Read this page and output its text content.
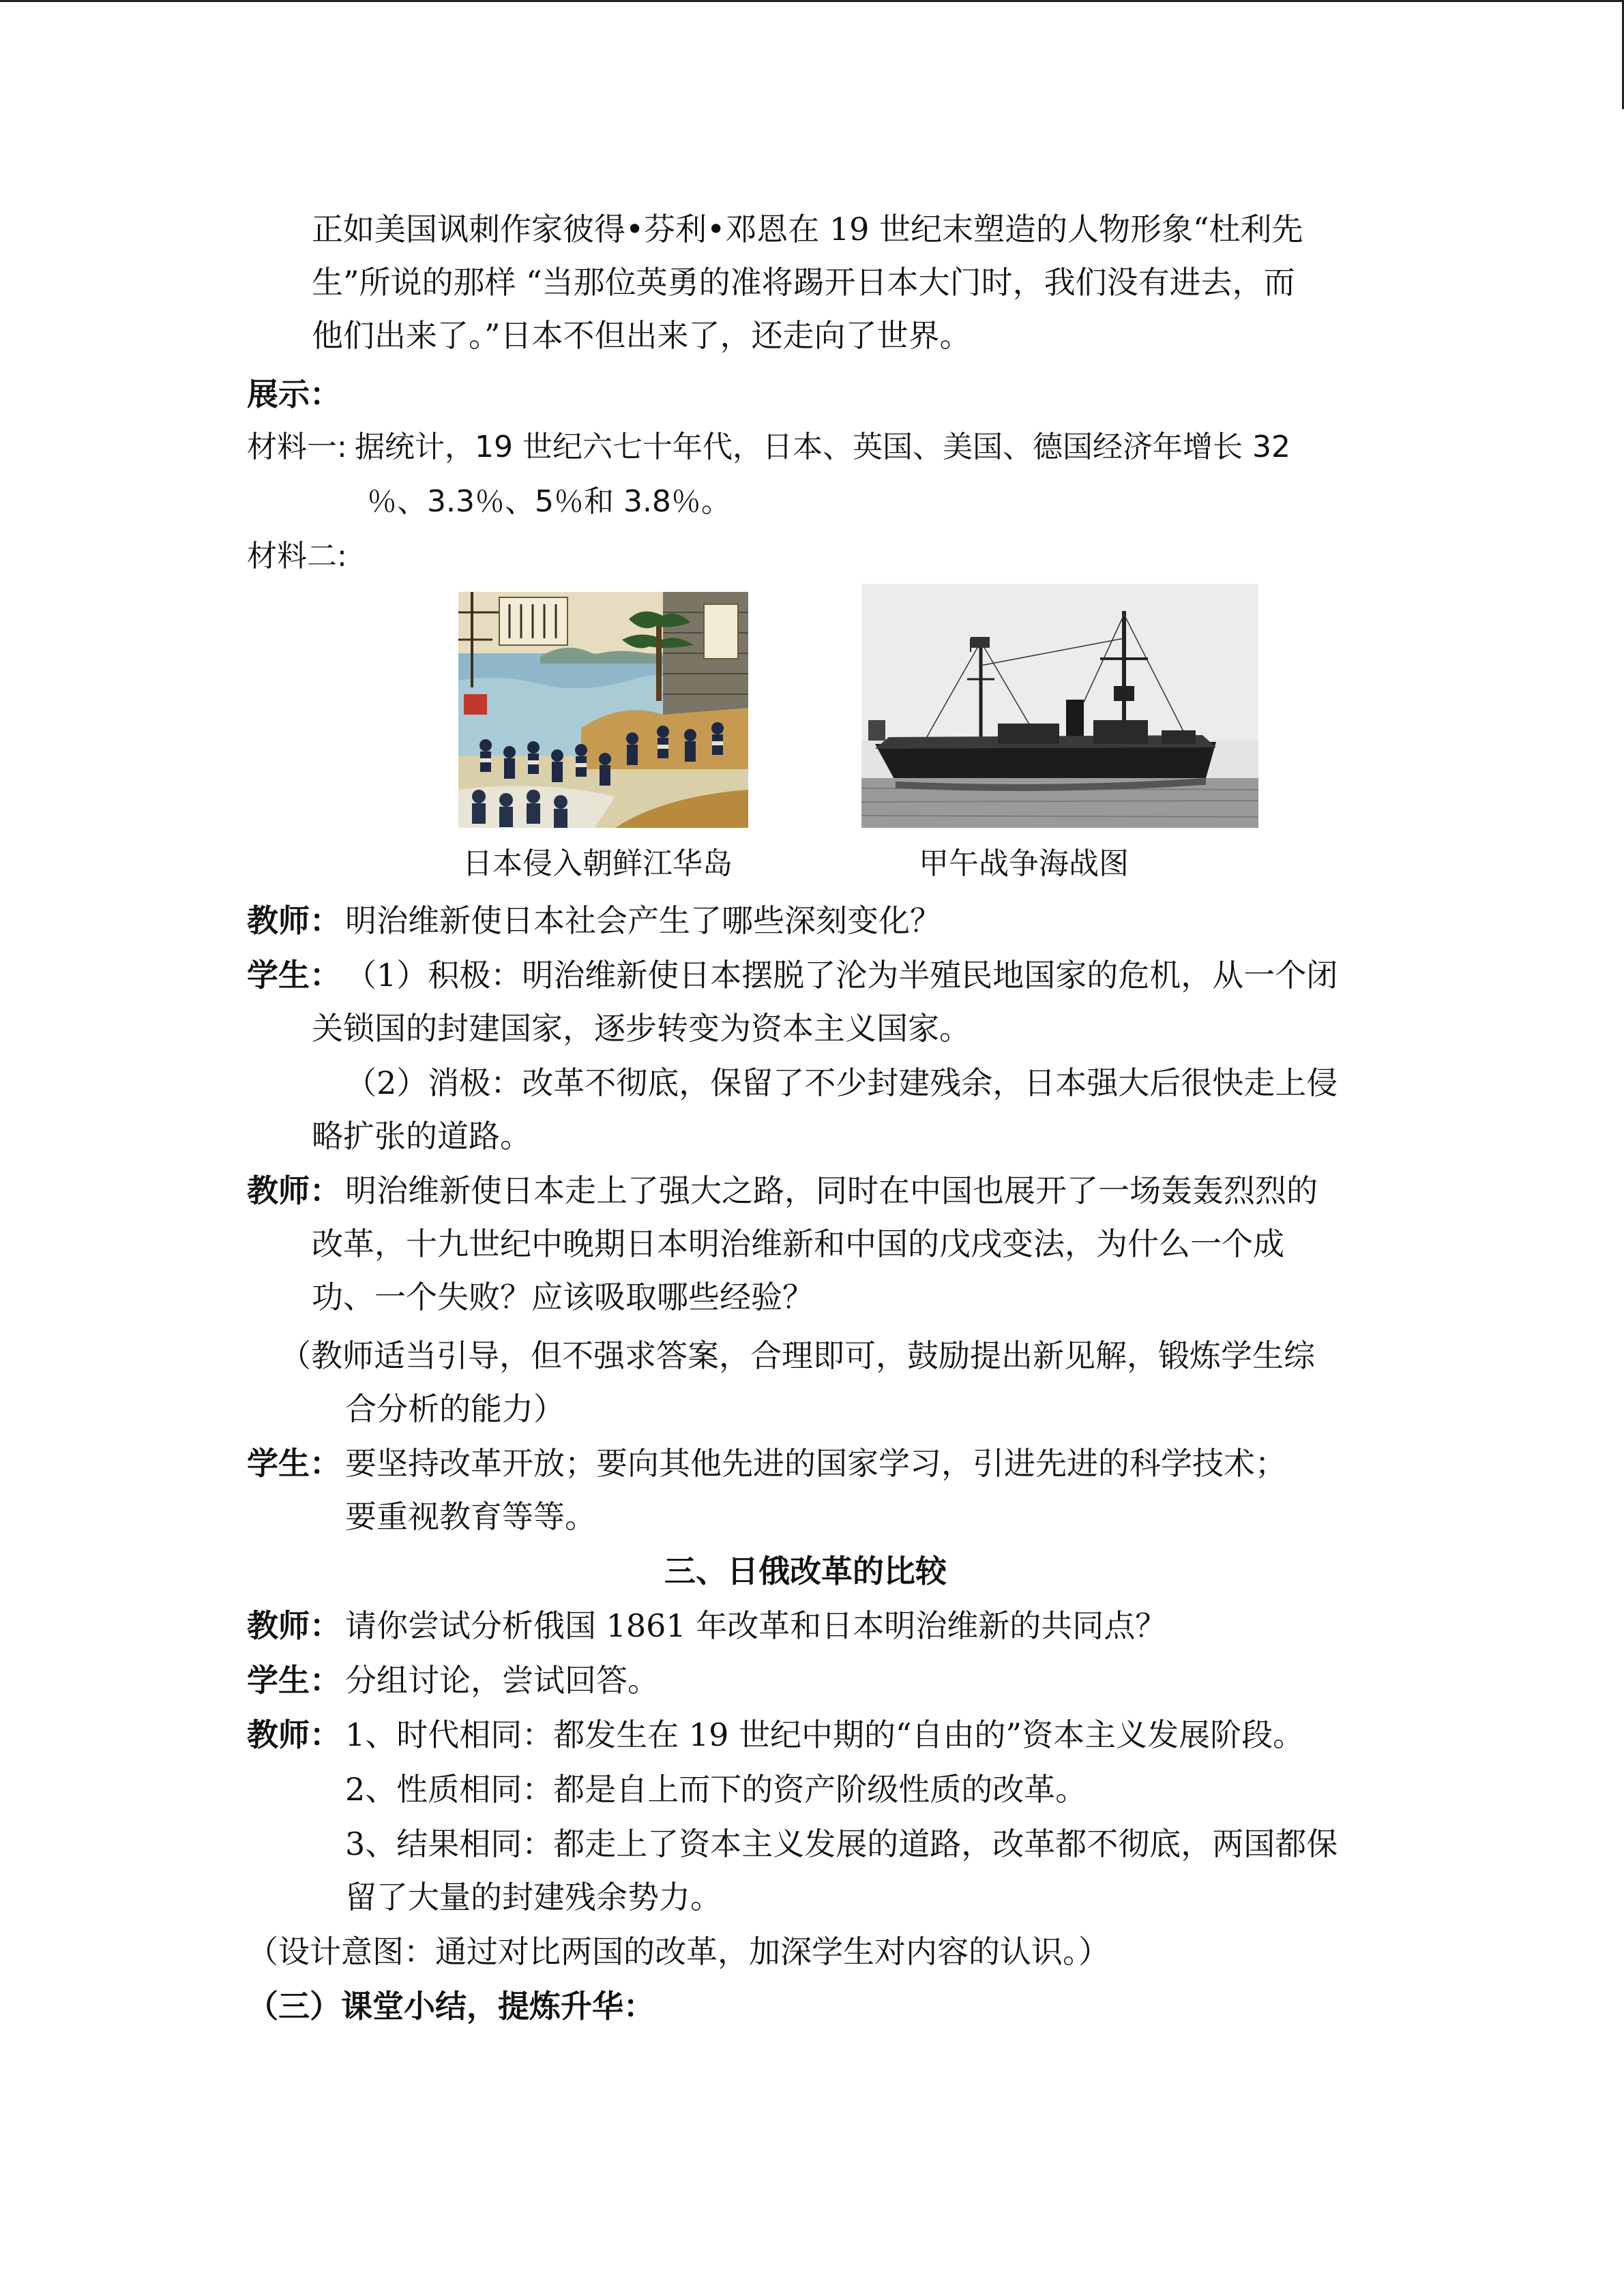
正如美国讽刺作家彼得•芬利•邓恩在 19 世纪末塑造的人物形象“杜利先
生”所说的那样 “当那位英勇的准将踢开日本大门时，我们没有进去，而
他们出来了。”日本不但出来了，还走向了世界。
展示：
材料一: 据统计，19 世纪六七十年代，日本、英国、美国、德国经济年增长 32
％、3.3％、5％和 3.8％。
材料二:
日本侵入朝鲜江华岛	甲午战争海战图
教师： 明治维新使日本社会产生了哪些深刻变化？
学生： （1）积极：明治维新使日本摆脱了沦为半殖民地国家的危机，从一个闭
关锁国的封建国家，逐步转变为资本主义国家。
（2）消极：改革不彻底，保留了不少封建残余，日本强大后很快走上侵
略扩张的道路。
教师： 明治维新使日本走上了强大之路，同时在中国也展开了一场轰轰烈烈的
改革，十九世纪中晚期日本明治维新和中国的戊戌变法，为什么一个成
功、一个失败？应该吸取哪些经验？
（教师适当引导，但不强求答案，合理即可，鼓励提出新见解，锻炼学生综
合分析的能力）
学生： 要坚持改革开放；要向其他先进的国家学习，引进先进的科学技术；
要重视教育等等。
三、日俄改革的比较
教师： 请你尝试分析俄国 1861 年改革和日本明治维新的共同点？
学生： 分组讨论，尝试回答。
教师： 1、时代相同：都发生在 19 世纪中期的“自由的”资本主义发展阶段。
2、性质相同：都是自上而下的资产阶级性质的改革。
3、结果相同：都走上了资本主义发展的道路，改革都不彻底，两国都保
留了大量的封建残余势力。
（设计意图：通过对比两国的改革，加深学生对内容的认识。）
（三）课堂小结，提炼升华：
